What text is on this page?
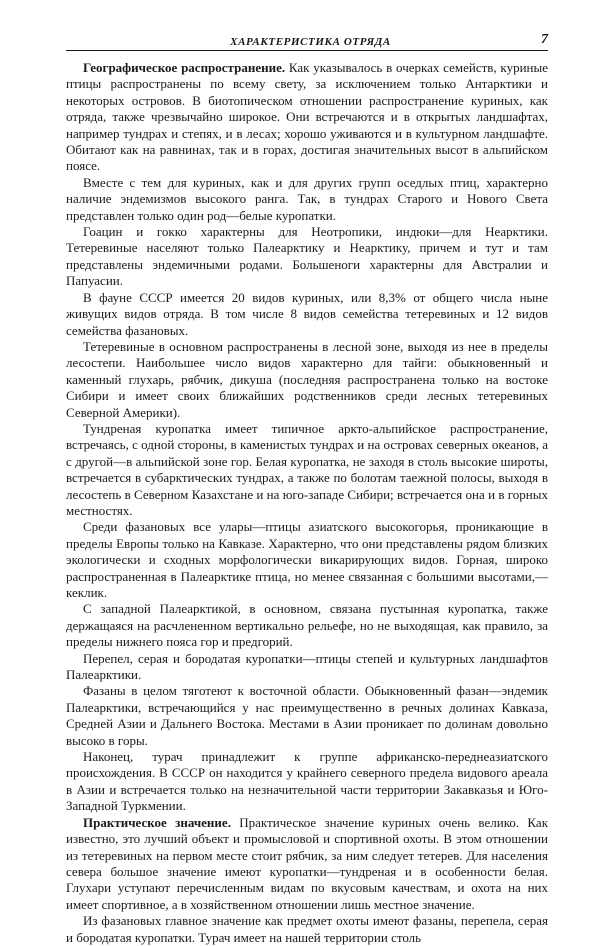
ХАРАКТЕРИСТИКА ОТРЯДА	7

Географическое распространение. Как указывалось в очерках семейств, куриные птицы распространены по всему свету, за исключением только Антарктики и некоторых островов. В биотопическом отношении распространение куриных, как отряда, также чрезвычайно широкое. Они встречаются и в открытых ландшафтах, например тундрах и степях, и в лесах; хорошо уживаются и в культурном ландшафте. Обитают как на равнинах, так и в горах, достигая значительных высот в альпийском поясе.

Вместе с тем для куриных, как и для других групп оседлых птиц, характерно наличие эндемизмов высокого ранга. Так, в тундрах Старого и Нового Света представлен только один род—белые куропатки.

Гоацин и гокко характерны для Неотропики, индюки—для Неарктики. Тетеревиные населяют только Палеарктику и Неарктику, причем и тут и там представлены эндемичными родами. Большеноги характерны для Австралии и Папуасии.

В фауне СССР имеется 20 видов куриных, или 8,3% от общего числа ныне живущих видов отряда. В том числе 8 видов семейства тетеревиных и 12 видов семейства фазановых.

Тетеревиные в основном распространены в лесной зоне, выходя из нее в пределы лесостепи. Наибольшее число видов характерно для тайги: обыкновенный и каменный глухарь, рябчик, дикуша (последняя распространена только на востоке Сибири и имеет своих ближайших родственников среди лесных тетеревиных Северной Америки).

Тундреная куропатка имеет типичное аркто-альпийское распространение, встречаясь, с одной стороны, в каменистых тундрах и на островах северных океанов, а с другой—в альпийской зоне гор. Белая куропатка, не заходя в столь высокие широты, встречается в субарктических тундрах, а также по болотам таежной полосы, выходя в лесостепь в Северном Казахстане и на юго-западе Сибири; встречается она и в горных местностях.

Среди фазановых все улары—птицы азиатского высокогорья, проникающие в пределы Европы только на Кавказе. Характерно, что они представлены рядом близких экологически и сходных морфологически викарирующих видов. Горная, широко распространенная в Палеарктике птица, но менее связанная с большими высотами,—кеклик.

С западной Палеарктикой, в основном, связана пустынная куропатка, также держащаяся на расчлененном вертикально рельефе, но не выходящая, как правило, за пределы нижнего пояса гор и предгорий.

Перепел, серая и бородатая куропатки—птицы степей и культурных ландшафтов Палеарктики.

Фазаны в целом тяготеют к восточной области. Обыкновенный фазан—эндемик Палеарктики, встречающийся у нас преимущественно в речных долинах Кавказа, Средней Азии и Дальнего Востока. Местами в Азии проникает по долинам довольно высоко в горы.

Наконец, турач принадлежит к группе африканско-переднеазиатского происхождения. В СССР он находится у крайнего северного предела видового ареала в Азии и встречается только на незначительной части территории Закавказья и Юго-Западной Туркмении.

Практическое значение. Практическое значение куриных очень велико. Как известно, это лучший объект и промысловой и спортивной охоты. В этом отношении из тетеревиных на первом месте стоит рябчик, за ним следует тетерев. Для населения севера большое значение имеют куропатки—тундреная и в особенности белая. Глухари уступают перечисленным видам по вкусовым качествам, и охота на них имеет спортивное, а в хозяйственном отношении лишь местное значение.

Из фазановых главное значение как предмет охоты имеют фазаны, перепела, серая и бородатая куропатки. Турач имеет на нашей территории столь
